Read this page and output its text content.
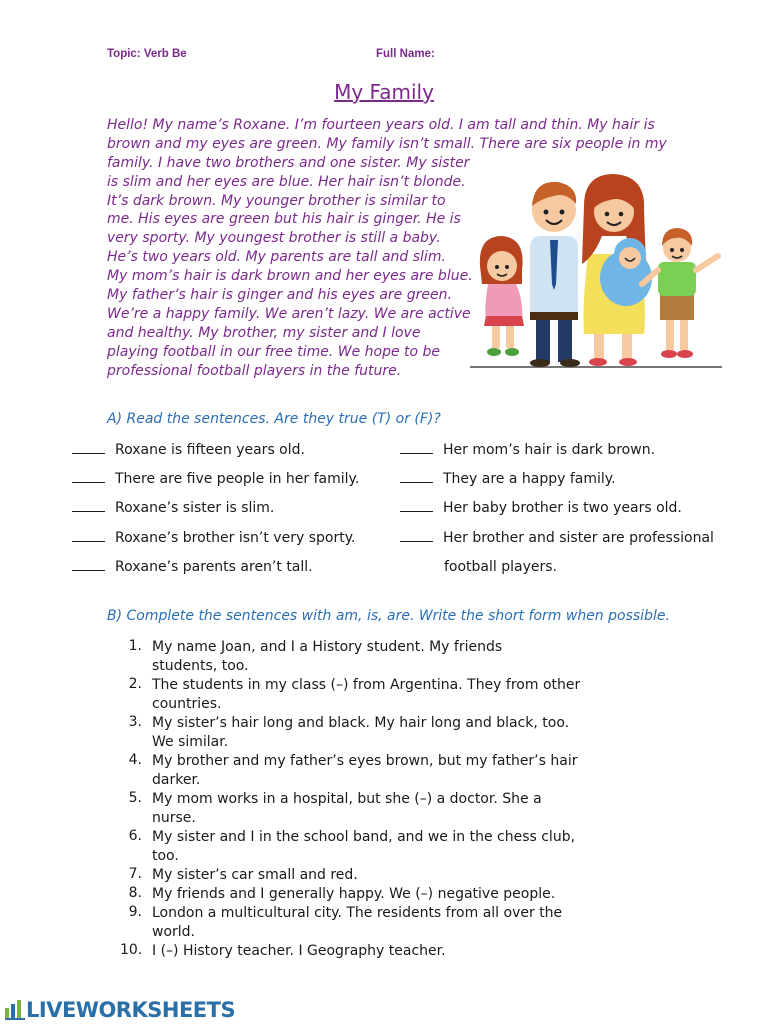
Topic: Verb Be	Full Name:
My Family
Hello! My name’s Roxane. I’m fourteen years old. I am tall and thin. My hair is
brown and my eyes are green. My family isn’t small. There are six people in my
family. I have two brothers and one sister. My sister
is slim and her eyes are blue. Her hair isn’t blonde.
It’s dark brown. My younger brother is similar to
me. His eyes are green but his hair is ginger. He is
very sporty. My youngest brother is still a baby.
He’s two years old. My parents are tall and slim.
My mom’s hair is dark brown and her eyes are blue.
My father’s hair is ginger and his eyes are green.
We’re a happy family. We aren’t lazy. We are active
and healthy. My brother, my sister and I love
playing football in our free time. We hope to be
professional football players in the future.
A) Read the sentences. Are they true (T) or (F)?
Roxane is fifteen years old.
There are five people in her family.
Roxane’s sister is slim.
Roxane’s brother isn’t very sporty.
Roxane’s parents aren’t tall.
Her mom’s hair is dark brown.
They are a happy family.
Her baby brother is two years old.
Her brother and sister are professional
football players.
B) Complete the sentences with am, is, are. Write the short form when possible.
1. My name Joan, and I a History student. My friends
students, too.
2. The students in my class (–) from Argentina. They from other
countries.
3. My sister’s hair long and black. My hair long and black, too.
We similar.
4. My brother and my father’s eyes brown, but my father’s hair
darker.
5. My mom works in a hospital, but she (–) a doctor. She a
nurse.
6. My sister and I in the school band, and we in the chess club,
too.
7. My sister’s car small and red.
8. My friends and I generally happy. We (–) negative people.
9. London a multicultural city. The residents from all over the
world.
10. I (–) History teacher. I Geography teacher.
LIVEWORKSHEETS
